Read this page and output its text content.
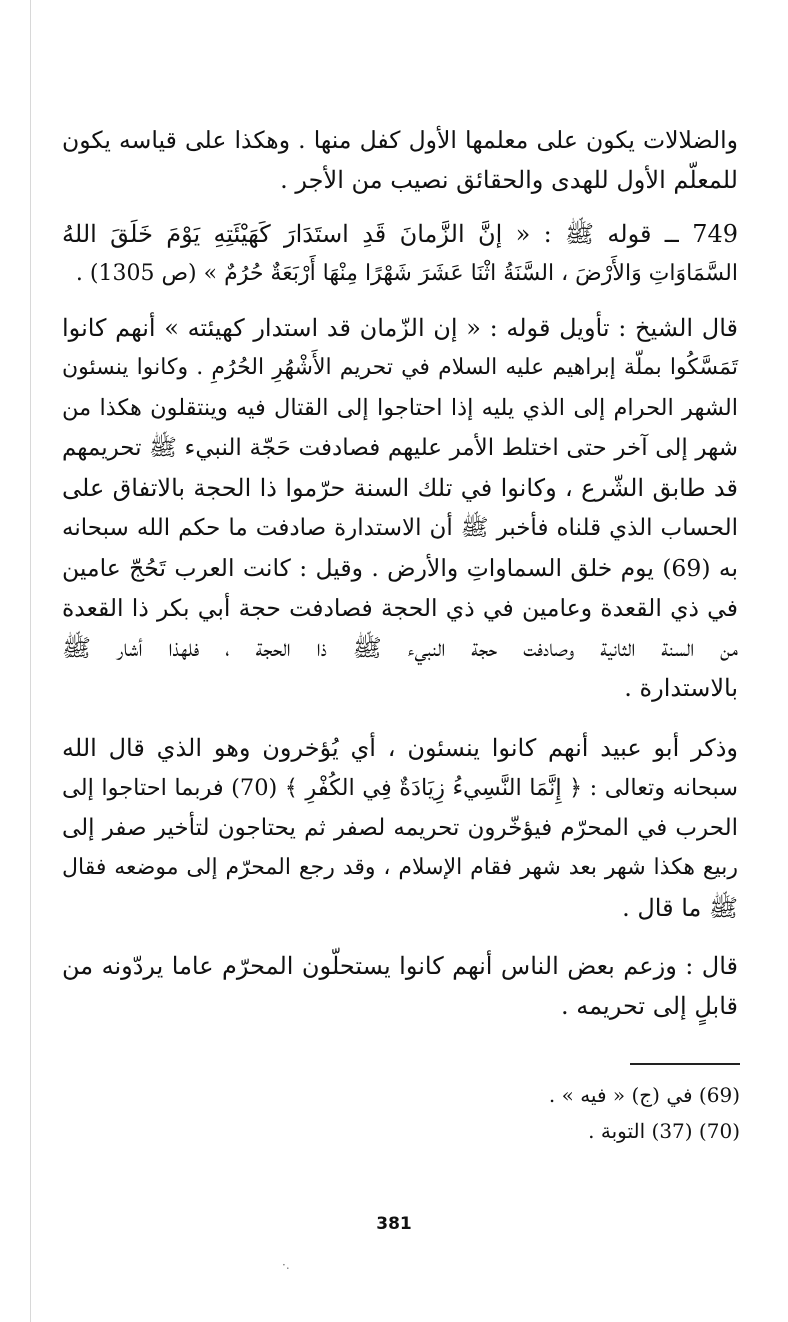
والضلالات يكون على معلمها الأول كفل منها . وهكذا على قياسه يكون
للمعلّم الأول للهدى والحقائق نصيب من الأجر .
749 ــ قوله ﷺ : « إنَّ الزَّمانَ قَدِ استَدَارَ كَهَيْئَتِهِ يَوْمَ خَلَقَ اللهُ
السَّمَاوَاتِ وَالأَرْضَ ، السَّنَةُ اثْنَا عَشَرَ شَهْرًا مِنْهَا أَرْبَعَةٌ حُرُمٌ » (ص 1305) .
قال الشيخ : تأويل قوله : « إن الزّمان قد استدار كهيئته » أنهم كانوا
تَمَسَّكُوا بملّة إبراهيم عليه السلام في تحريم الأَشْهُرِ الحُرُمِ . وكانوا ينسئون
الشهر الحرام إلى الذي يليه إذا احتاجوا إلى القتال فيه وينتقلون هكذا من
شهر إلى آخر حتى اختلط الأمر عليهم فصادفت حَجّة النبيء ﷺ تحريمهم
قد طابق الشّرع ، وكانوا في تلك السنة حرّموا ذا الحجة بالاتفاق على
الحساب الذي قلناه فأخبر ﷺ أن الاستدارة صادفت ما حكم الله سبحانه
به (69) يوم خلق السماواتِ والأرض . وقيل : كانت العرب تَحُجّ عامين
في ذي القعدة وعامين في ذي الحجة فصادفت حجة أبي بكر ذا القعدة
من السنة الثانية وصادفت حجة النبيء ﷺ ذا الحجة ، فلهذا أشار ﷺ
بالاستدارة .
وذكر أبو عبيد أنهم كانوا ينسئون ، أي يُؤخرون وهو الذي قال الله
سبحانه وتعالى : ﴿ إِنَّمَا النَّسِيءُ زِيَادَةٌ فِي الكُفْرِ ﴾ (70) فربما احتاجوا إلى
الحرب في المحرّم فيؤخّرون تحريمه لصفر ثم يحتاجون لتأخير صفر إلى
ربيع هكذا شهر بعد شهر فقام الإسلام ، وقد رجع المحرّم إلى موضعه فقال
ﷺ ما قال .
قال : وزعم بعض الناس أنهم كانوا يستحلّون المحرّم عاما يردّونه من
قابلٍ إلى تحريمه .
(69) في (ج) « فيه » .
(70) (37) التوبة .
381
·.
